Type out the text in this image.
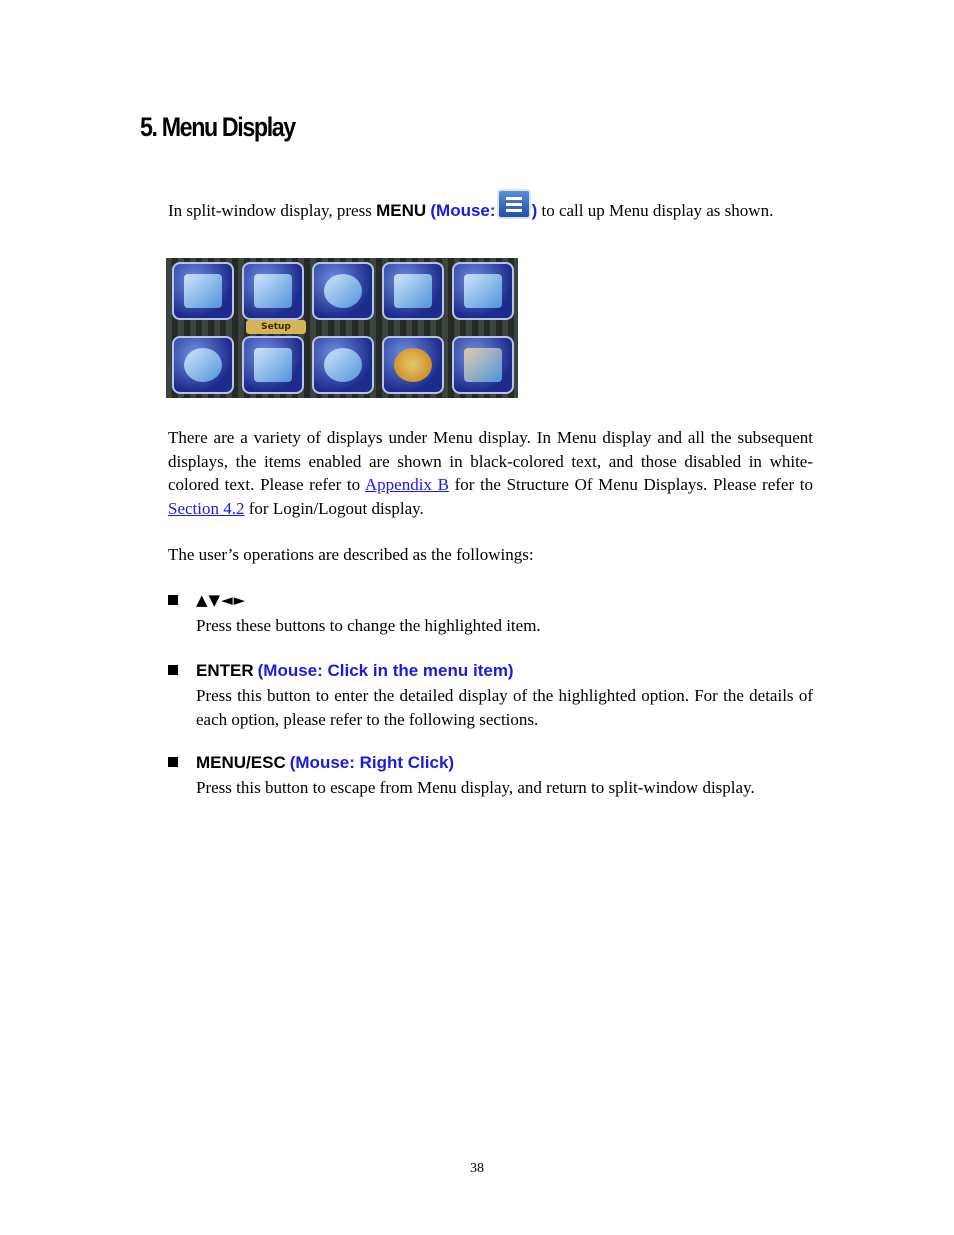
5. Menu Display

In split-window display, press MENU (Mouse: ) to call up Menu display as shown.

Setup

There are a variety of displays under Menu display. In Menu display and all the subsequent displays, the items enabled are shown in black-colored text, and those disabled in white-colored text. Please refer to Appendix B for the Structure Of Menu Displays. Please refer to Section 4.2 for Login/Logout display.

The user’s operations are described as the followings:

▲▼◄►
Press these buttons to change the highlighted item.
ENTER (Mouse: Click in the menu item)
Press this button to enter the detailed display of the highlighted option. For the details of each option, please refer to the following sections.
MENU/ESC (Mouse: Right Click)
Press this button to escape from Menu display, and return to split-window display.
38
